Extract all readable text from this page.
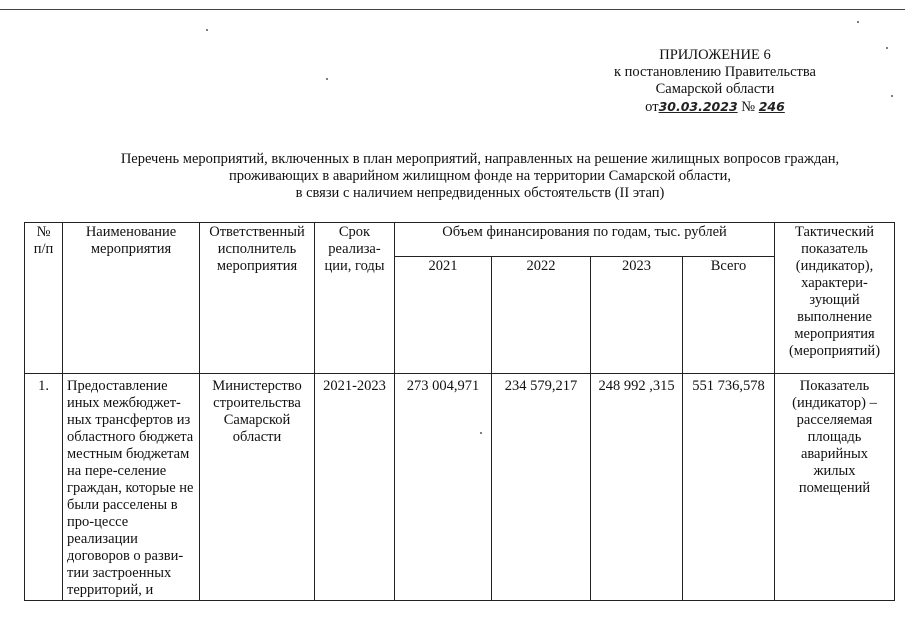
ПРИЛОЖЕНИЕ 6
к постановлению Правительства
Самарской области
от30.03.2023 № 246
Перечень мероприятий, включенных в план мероприятий, направленных на решение жилищных вопросов граждан,
проживающих в аварийном жилищном фонде на территории Самарской области,
в связи с наличием непредвиденных обстоятельств (II этап)
№ п/п	Наименование мероприятия	Ответственный исполнитель мероприятия	Срок реализа-ции, годы	Объем финансирования по годам, тыс. рублей				Тактический показатель (индикатор), характери-зующий выполнение мероприятия (мероприятий)
				2021	2022	2023	Всего	
1.	Предоставление иных межбюджет-ных трансфертов из областного бюджета местным бюджетам на пере-селение граждан, которые не были расселены в про-цессе реализации договоров о разви-тии застроенных территорий, и	Министерство строительства Самарской области	2021-2023	273 004,971	234 579,217	248 992 ,315	551 736,578	Показатель (индикатор) – расселяемая площадь аварийных жилых помещений
